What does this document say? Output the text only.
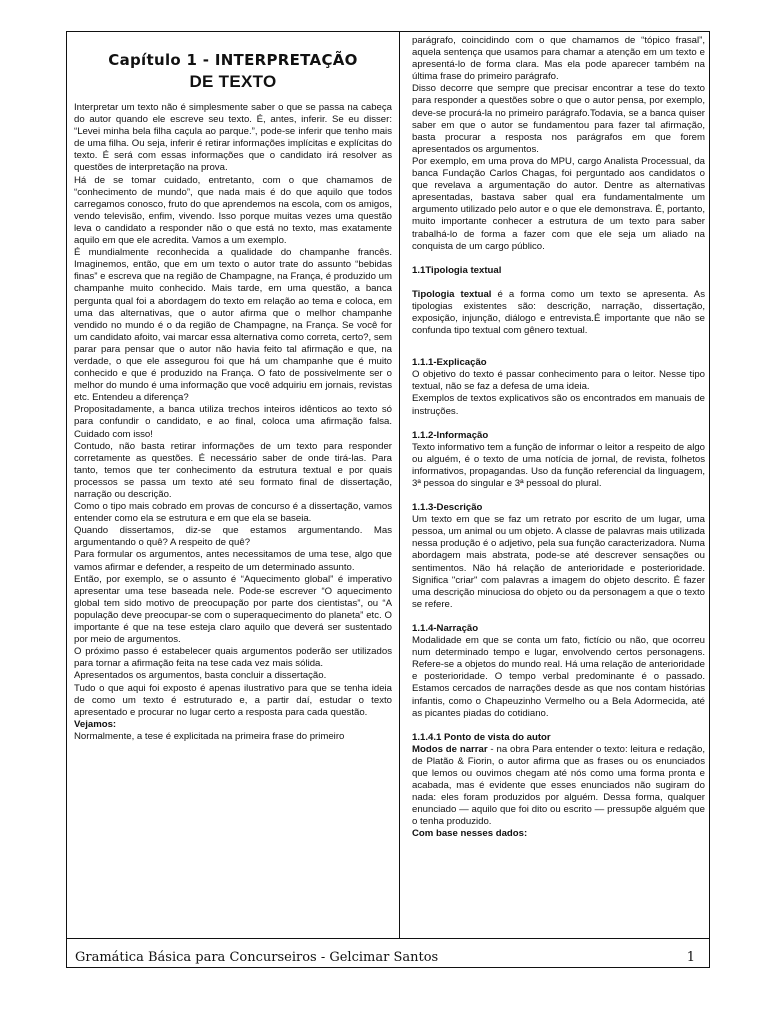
Capítulo 1 - INTERPRETAÇÃO
DE TEXTO

Interpretar um texto não é simplesmente saber o que se passa na cabeça do autor quando ele escreve seu texto. É, antes, inferir. Se eu disser: “Levei minha bela filha caçula ao parque.”, pode-se inferir que tenho mais de uma filha. Ou seja, inferir é retirar informações implícitas e explícitas do texto. É será com essas informações que o candidato irá resolver as questões de interpretação na prova.

Há de se tomar cuidado, entretanto, com o que chamamos de “conhecimento de mundo”, que nada mais é do que aquilo que todos carregamos conosco, fruto do que aprendemos na escola, com os amigos, vendo televisão, enfim, vivendo. Isso porque muitas vezes uma questão leva o candidato a responder não o que está no texto, mas exatamente aquilo em que ele acredita. Vamos a um exemplo.

É mundialmente reconhecida a qualidade do champanhe francês. Imaginemos, então, que em um texto o autor trate do assunto “bebidas finas” e escreva que na região de Champagne, na França, é produzido um champanhe muito conhecido. Mais tarde, em uma questão, a banca pergunta qual foi a abordagem do texto em relação ao tema e coloca, em uma das alternativas, que o autor afirma que o melhor champanhe vendido no mundo é o da região de Champagne, na França. Se você for um candidato afoito, vai marcar essa alternativa como correta, certo?, sem parar para pensar que o autor não havia feito tal afirmação e que, na verdade, o que ele assegurou foi que há um champanhe que é muito conhecido e que é produzido na França. O fato de possivelmente ser o melhor do mundo é uma informação que você adquiriu em jornais, revistas etc. Entendeu a diferença?

Propositadamente, a banca utiliza trechos inteiros idênticos ao texto só para confundir o candidato, e ao final, coloca uma afirmação falsa. Cuidado com isso!

Contudo, não basta retirar informações de um texto para responder corretamente as questões. É necessário saber de onde tirá-las. Para tanto, temos que ter conhecimento da estrutura textual e por quais processos se passa um texto até seu formato final de dissertação, narração ou descrição.

Como o tipo mais cobrado em provas de concurso é a dissertação, vamos entender como ela se estrutura e em que ela se baseia.

Quando dissertamos, diz-se que estamos argumentando. Mas argumentando o quê? A respeito de quê?

Para formular os argumentos, antes necessitamos de uma tese, algo que vamos afirmar e defender, a respeito de um determinado assunto.

Então, por exemplo, se o assunto é “Aquecimento global” é imperativo apresentar uma tese baseada nele. Pode-se escrever “O aquecimento global tem sido motivo de preocupação por parte dos cientistas”, ou “A população deve preocupar-se com o superaquecimento do planeta” etc. O importante é que na tese esteja claro aquilo que deverá ser sustentado por meio de argumentos.

O próximo passo é estabelecer quais argumentos poderão ser utilizados para tornar a afirmação feita na tese cada vez mais sólida.

Apresentados os argumentos, basta concluir a dissertação.

Tudo o que aqui foi exposto é apenas ilustrativo para que se tenha ideia de como um texto é estruturado e, a partir daí, estudar o texto apresentado e procurar no lugar certo a resposta para cada questão.

Vejamos:

Normalmente, a tese é explicitada na primeira frase do primeiro

parágrafo, coincidindo com o que chamamos de “tópico frasal”, aquela sentença que usamos para chamar a atenção em um texto e apresentá-lo de forma clara. Mas ela pode aparecer também na última frase do primeiro parágrafo.

Disso decorre que sempre que precisar encontrar a tese do texto para responder a questões sobre o que o autor pensa, por exemplo, deve-se procurá-la no primeiro parágrafo.Todavia, se a banca quiser saber em que o autor se fundamentou para fazer tal afirmação, basta procurar a resposta nos parágrafos em que forem apresentados os argumentos.

Por exemplo, em uma prova do MPU, cargo Analista Processual, da banca Fundação Carlos Chagas, foi perguntado aos candidatos o que revelava a argumentação do autor. Dentre as alternativas apresentadas, bastava saber qual era fundamentalmente um argumento utilizado pelo autor e o que ele demonstrava. É, portanto, muito importante conhecer a estrutura de um texto para saber trabalhá-lo de forma a fazer com que ele seja um aliado na conquista de um cargo público.

1.1Tipologia textual

Tipologia textual é a forma como um texto se apresenta. As tipologias existentes são: descrição, narração, dissertação, exposição, injunção, diálogo e entrevista.É importante que não se confunda tipo textual com gênero textual.

1.1.1-Explicação

O objetivo do texto é passar conhecimento para o leitor. Nesse tipo textual, não se faz a defesa de uma ideia.

Exemplos de textos explicativos são os encontrados em manuais de instruções.

1.1.2-Informação

Texto informativo tem a função de informar o leitor a respeito de algo ou alguém, é o texto de uma notícia de jornal, de revista, folhetos informativos, propagandas. Uso da função referencial da linguagem, 3ª pessoa do singular e 3ª pessoal do plural.

1.1.3-Descrição

Um texto em que se faz um retrato por escrito de um lugar, uma pessoa, um animal ou um objeto. A classe de palavras mais utilizada nessa produção é o adjetivo, pela sua função caracterizadora. Numa abordagem mais abstrata, pode-se até descrever sensações ou sentimentos. Não há relação de anterioridade e posterioridade. Significa "criar" com palavras a imagem do objeto descrito. É fazer uma descrição minuciosa do objeto ou da personagem a que o texto se refere.

1.1.4-Narração

Modalidade em que se conta um fato, fictício ou não, que ocorreu num determinado tempo e lugar, envolvendo certos personagens. Refere-se a objetos do mundo real. Há uma relação de anterioridade e posterioridade. O tempo verbal predominante é o passado. Estamos cercados de narrações desde as que nos contam histórias infantis, como o Chapeuzinho Vermelho ou a Bela Adormecida, até as picantes piadas do cotidiano.

1.1.4.1 Ponto de vista do autor

Modos de narrar - na obra Para entender o texto: leitura e redação, de Platão & Fiorin, o autor afirma que as frases ou os enunciados que lemos ou ouvimos chegam até nós como uma forma pronta e acabada, mas é evidente que esses enunciados não sugiram do nada: eles foram produzidos por alguém. Dessa forma, qualquer enunciado — aquilo que foi dito ou escrito — pressupõe alguém que o tenha produzido.

Com base nesses dados:

Gramática Básica para Concurseiros - Gelcimar Santos	1
